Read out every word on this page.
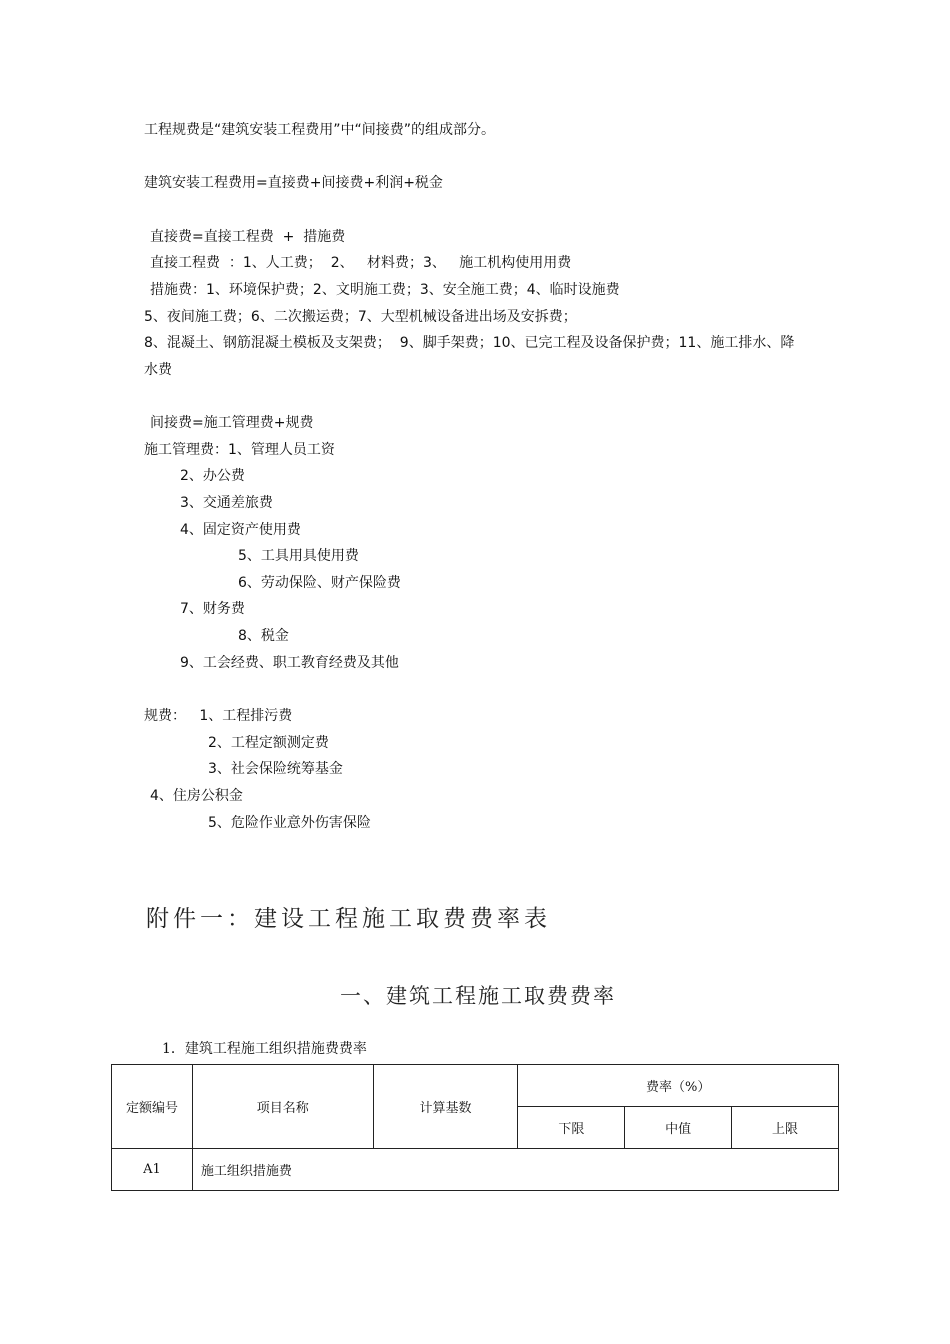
工程规费是“建筑安装工程费用”中“间接费”的组成部分。
建筑安装工程费用=直接费+间接费+利润+税金
直接费=直接工程费  +  措施费
直接工程费  ：1、人工费；  2、   材料费；3、   施工机构使用用费
措施费：1、环境保护费；2、文明施工费；3、安全施工费；4、临时设施费
5、夜间施工费；6、二次搬运费；7、大型机械设备进出场及安拆费；
8、混凝土、钢筋混凝土模板及支架费；  9、脚手架费；10、已完工程及设备保护费；11、施工排水、降
水费
间接费=施工管理费+规费
施工管理费：1、管理人员工资
2、办公费
3、交通差旅费
4、固定资产使用费
5、工具用具使用费
6、劳动保险、财产保险费
7、财务费
8、税金
9、工会经费、职工教育经费及其他
规费：   1、工程排污费
2、工程定额测定费
3、社会保险统筹基金
4、住房公积金
5、危险作业意外伤害保险
附件一：建设工程施工取费费率表
一、建筑工程施工取费费率
1．建筑工程施工组织措施费费率
定额编号	项目名称	计算基数	费率（%）		
			下限	中值	上限
A1	施工组织措施费				
